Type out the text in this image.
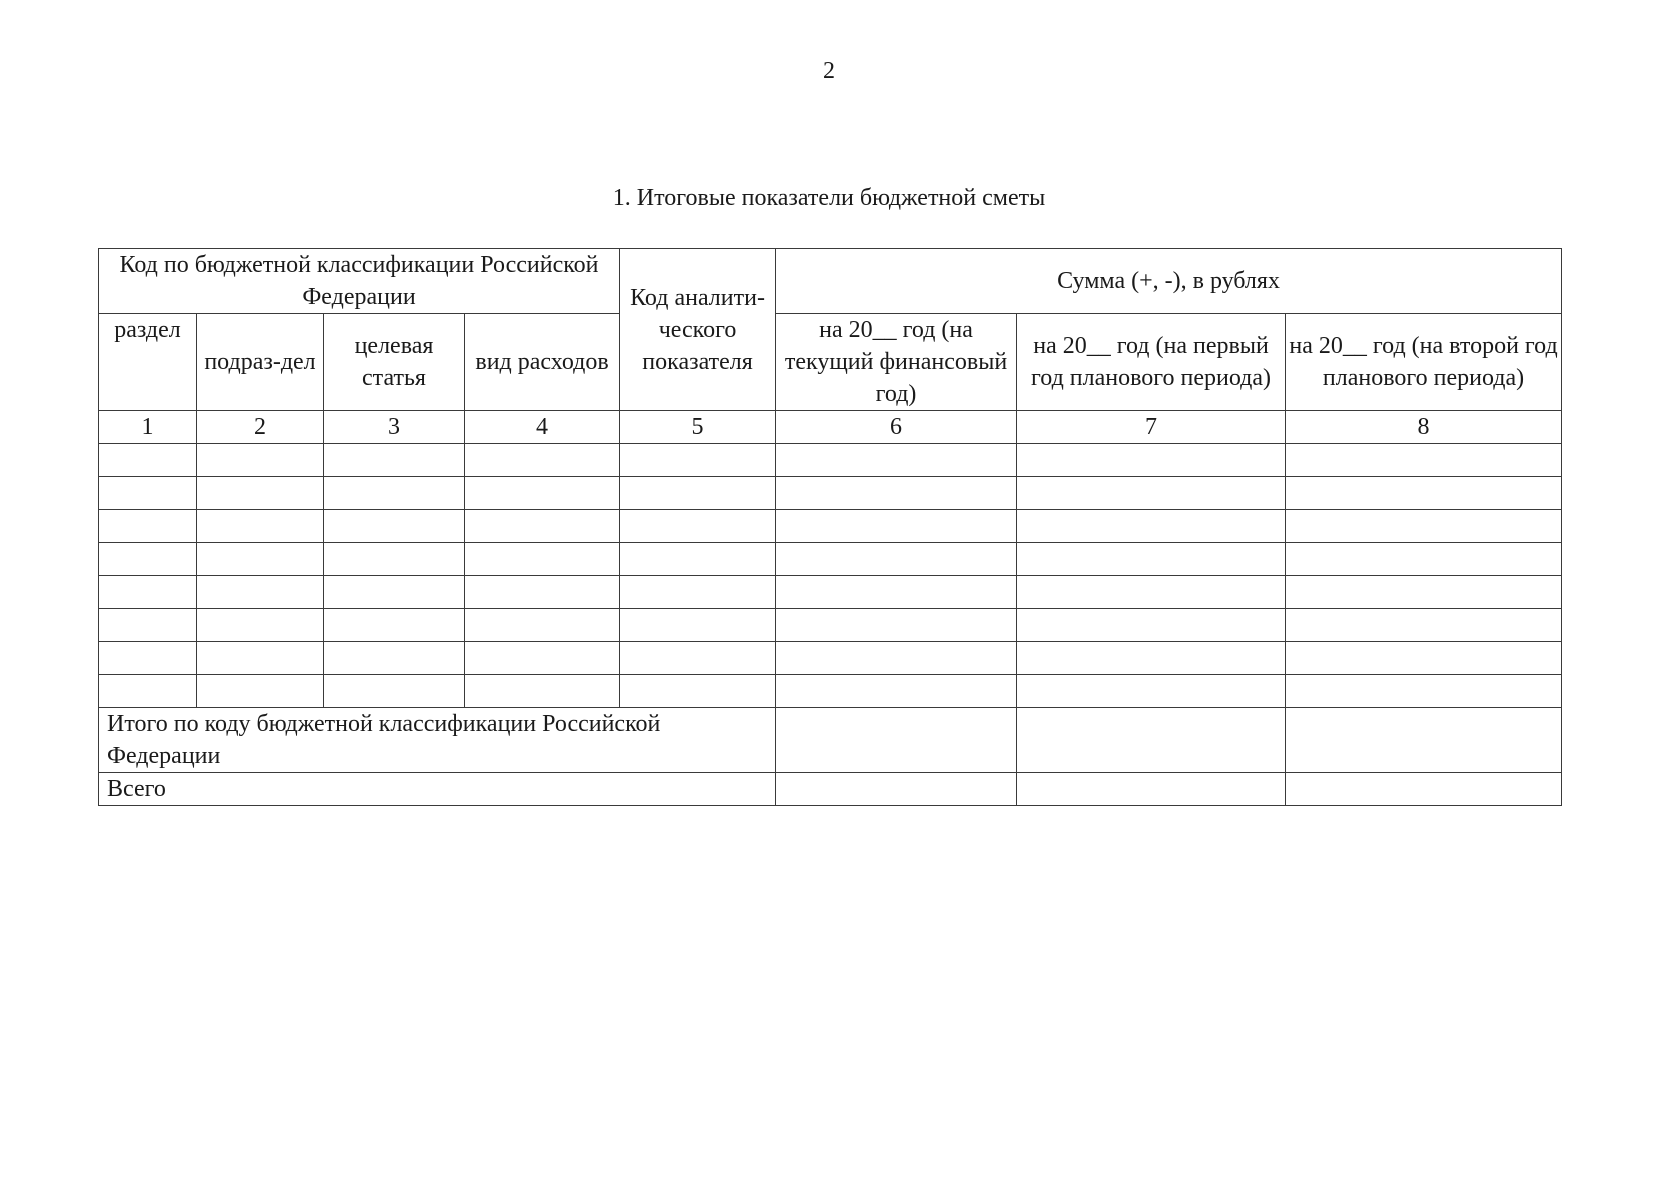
2
1. Итоговые показатели бюджетной сметы
Код по бюджетной классификации Российской Федерации				Код аналити-ческого показателя	Сумма (+, -), в рублях		
раздел	подраз-дел	целевая статья	вид расходов		на 20__ год (на текущий финансовый год)	на 20__ год (на первый год планового периода)	на 20__ год (на второй год планового периода)
1	2	3	4	5	6	7	8

Итого по коду бюджетной классификации Российской Федерации							
Всего							
